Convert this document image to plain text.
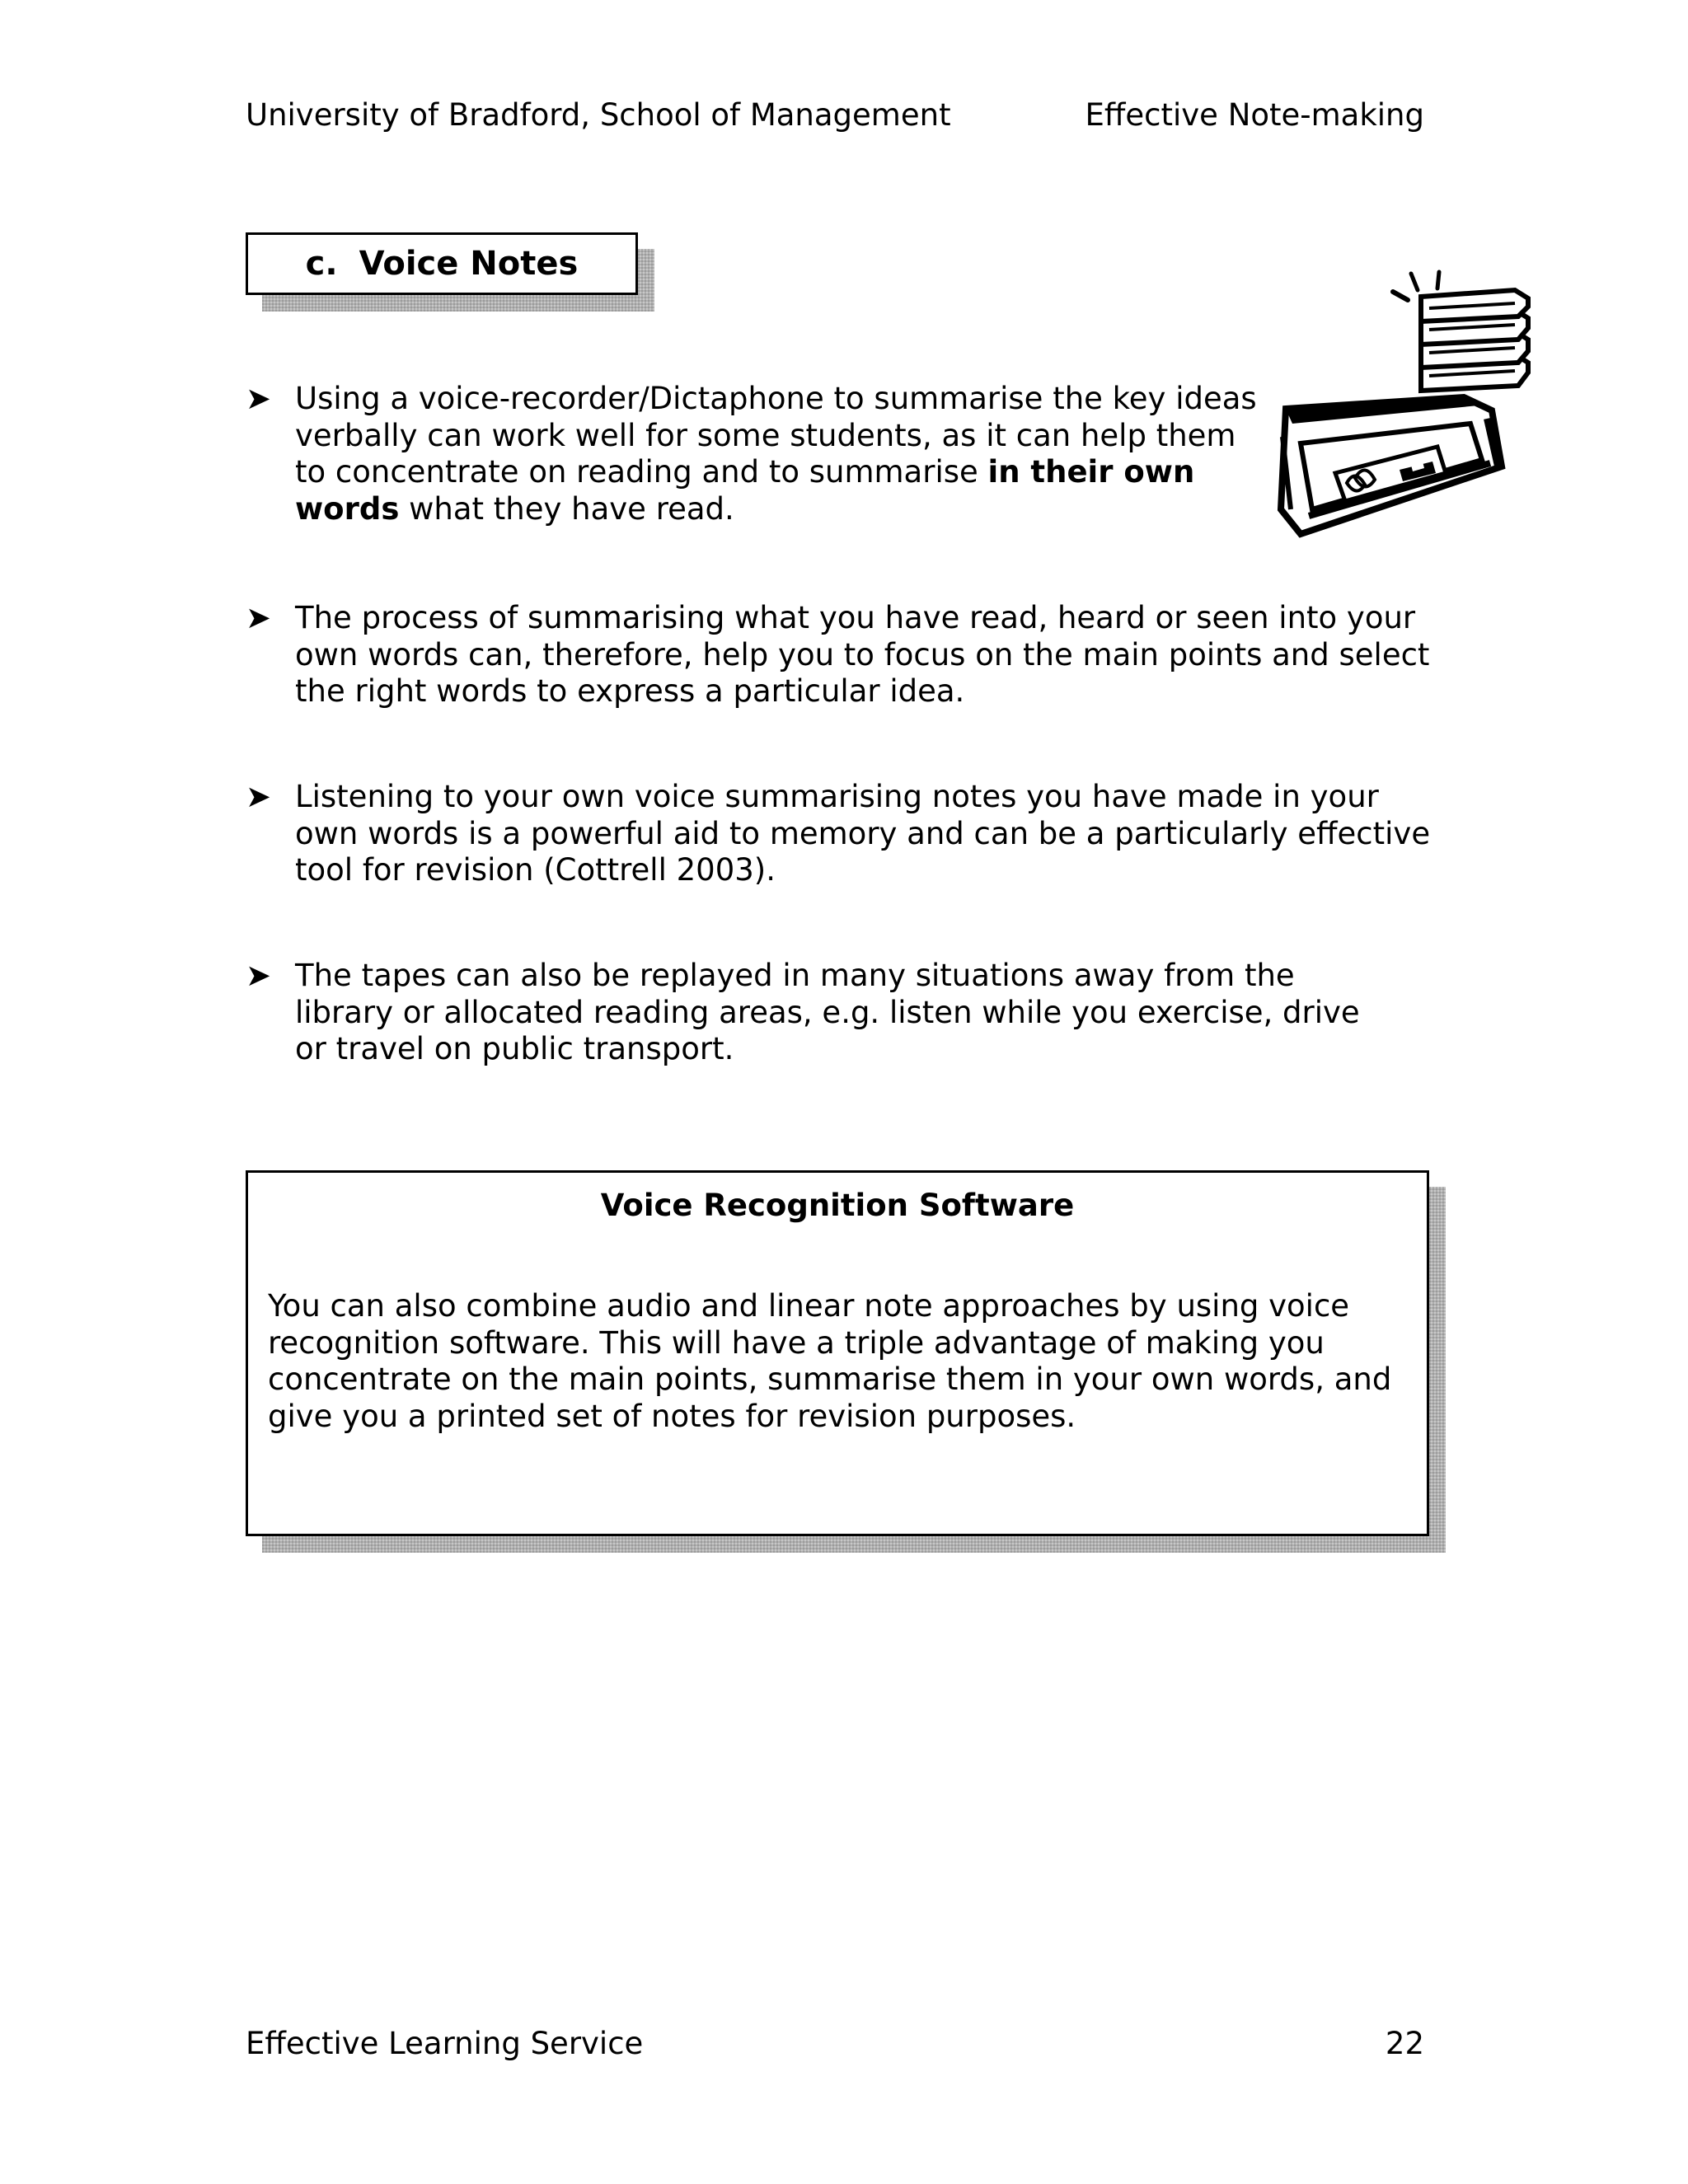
University of Bradford, School of Management	Effective Note-making
c. Voice Notes
➤ Using a voice-recorder/Dictaphone to summarise the key ideas
verbally can work well for some students, as it can help them
to concentrate on reading and to summarise in their own
words what they have read.
➤ The process of summarising what you have read, heard or seen into your
own words can, therefore, help you to focus on the main points and select
the right words to express a particular idea.
➤ Listening to your own voice summarising notes you have made in your
own words is a powerful aid to memory and can be a particularly effective
tool for revision (Cottrell 2003).
➤ The tapes can also be replayed in many situations away from the
library or allocated reading areas, e.g. listen while you exercise, drive
or travel on public transport.
Voice Recognition Software
You can also combine audio and linear note approaches by using voice
recognition software. This will have a triple advantage of making you
concentrate on the main points, summarise them in your own words, and
give you a printed set of notes for revision purposes.
Effective Learning Service	22
